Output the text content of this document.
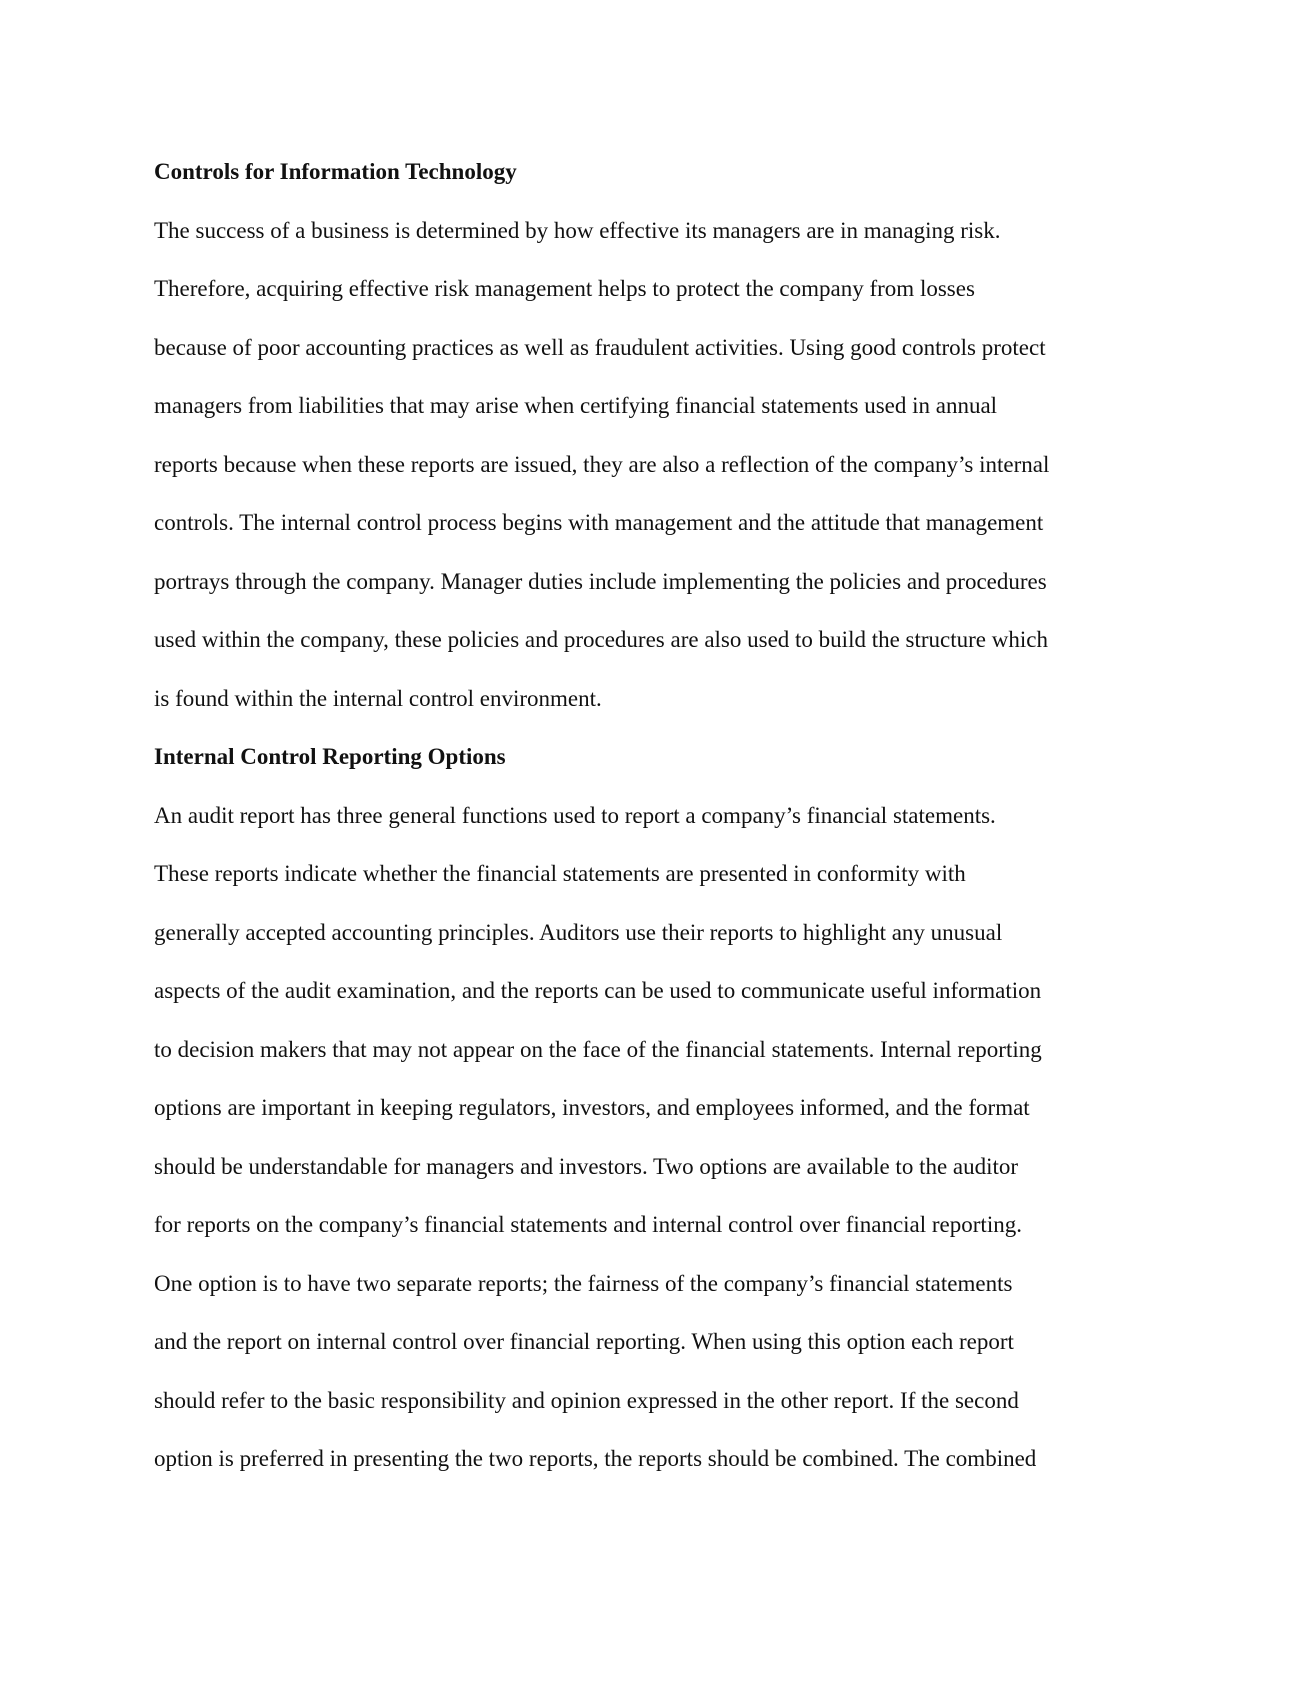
Controls for Information Technology
The success of a business is determined by how effective its managers are in managing risk.
Therefore, acquiring effective risk management helps to protect the company from losses
because of poor accounting practices as well as fraudulent activities. Using good controls protect
managers from liabilities that may arise when certifying financial statements used in annual
reports because when these reports are issued, they are also a reflection of the company’s internal
controls. The internal control process begins with management and the attitude that management
portrays through the company. Manager duties include implementing the policies and procedures
used within the company, these policies and procedures are also used to build the structure which
is found within the internal control environment.
Internal Control Reporting Options
An audit report has three general functions used to report a company’s financial statements.
These reports indicate whether the financial statements are presented in conformity with
generally accepted accounting principles. Auditors use their reports to highlight any unusual
aspects of the audit examination, and the reports can be used to communicate useful information
to decision makers that may not appear on the face of the financial statements. Internal reporting
options are important in keeping regulators, investors, and employees informed, and the format
should be understandable for managers and investors. Two options are available to the auditor
for reports on the company’s financial statements and internal control over financial reporting.
One option is to have two separate reports; the fairness of the company’s financial statements
and the report on internal control over financial reporting. When using this option each report
should refer to the basic responsibility and opinion expressed in the other report. If the second
option is preferred in presenting the two reports, the reports should be combined. The combined
